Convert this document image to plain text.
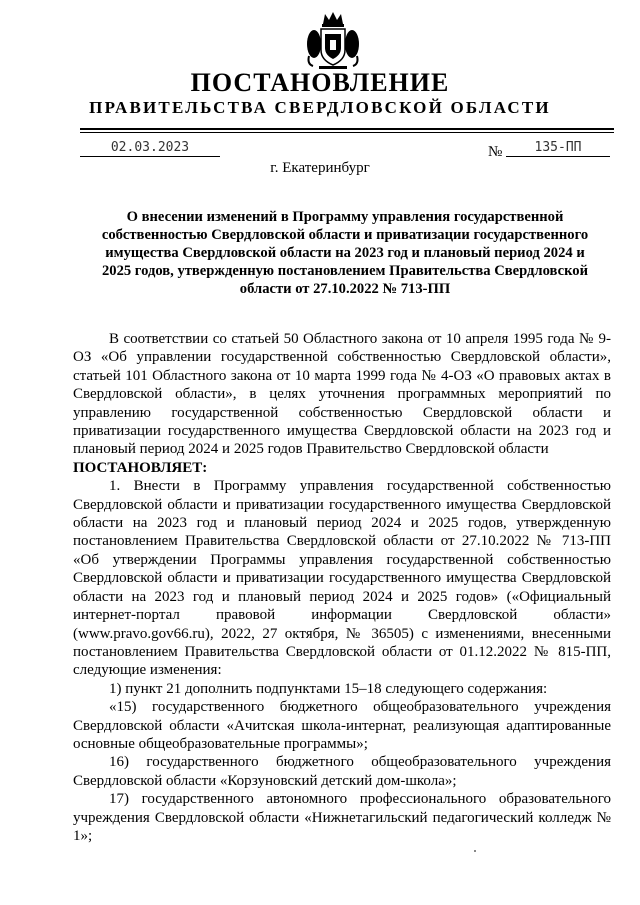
ПОСТАНОВЛЕНИЕ
ПРАВИТЕЛЬСТВА СВЕРДЛОВСКОЙ ОБЛАСТИ
02.03.2023	№	135-ПП
г. Екатеринбург
О внесении изменений в Программу управления государственной собственностью Свердловской области и приватизации государственного имущества Свердловской области на 2023 год и плановый период 2024 и 2025 годов, утвержденную постановлением Правительства Свердловской области от 27.10.2022 № 713-ПП

В соответствии со статьей 50 Областного закона от 10 апреля 1995 года № 9-ОЗ «Об управлении государственной собственностью Свердловской области», статьей 101 Областного закона от 10 марта 1999 года № 4-ОЗ «О правовых актах в Свердловской области», в целях уточнения программных мероприятий по управлению государственной собственностью Свердловской области и приватизации государственного имущества Свердловской области на 2023 год и плановый период 2024 и 2025 годов Правительство Свердловской области

ПОСТАНОВЛЯЕТ:

1. Внести в Программу управления государственной собственностью Свердловской области и приватизации государственного имущества Свердловской области на 2023 год и плановый период 2024 и 2025 годов, утвержденную постановлением Правительства Свердловской области от 27.10.2022 № 713-ПП «Об утверждении Программы управления государственной собственностью Свердловской области и приватизации государственного имущества Свердловской области на 2023 год и плановый период 2024 и 2025 годов» («Официальный интернет-портал правовой информации Свердловской области» (www.pravo.gov66.ru), 2022, 27 октября, № 36505) с изменениями, внесенными постановлением Правительства Свердловской области от 01.12.2022 № 815-ПП, следующие изменения:

1) пункт 21 дополнить подпунктами 15–18 следующего содержания:

«15) государственного бюджетного общеобразовательного учреждения Свердловской области «Ачитская школа-интернат, реализующая адаптированные основные общеобразовательные программы»;

16) государственного бюджетного общеобразовательного учреждения Свердловской области «Корзуновский детский дом-школа»;

17) государственного автономного профессионального образовательного учреждения Свердловской области «Нижнетагильский педагогический колледж № 1»;
